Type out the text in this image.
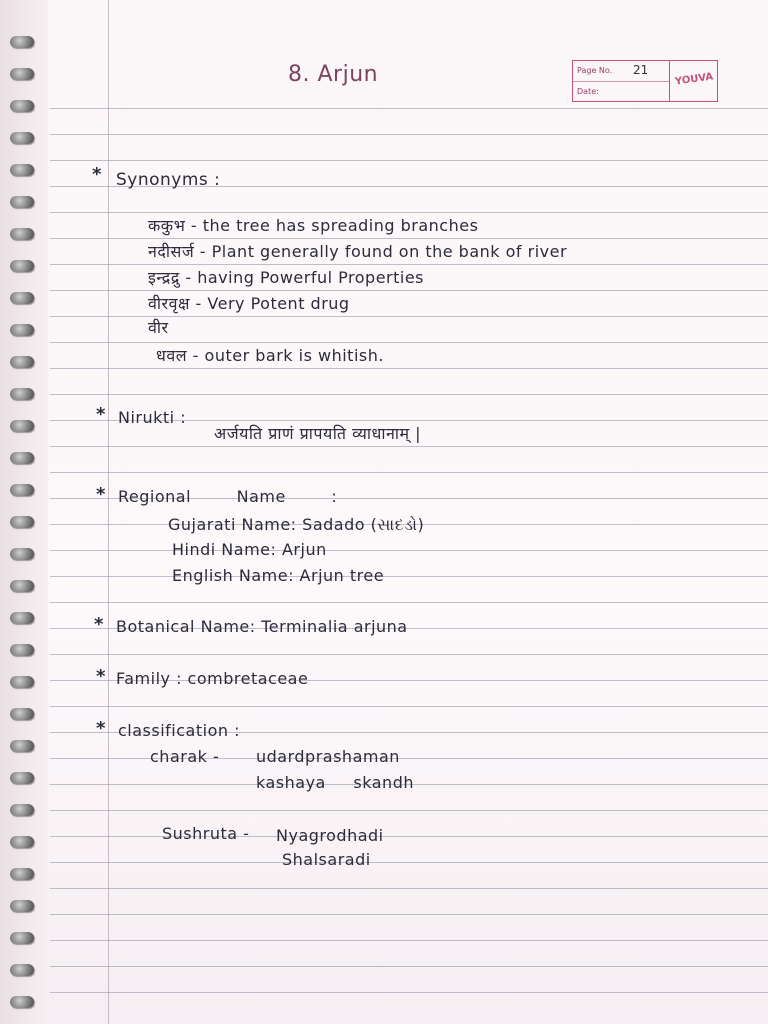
Page No. 21
Date:
YOUVA
8. Arjun
* Synonyms :
ककुभ - the tree has spreading branches
नदीसर्ज - Plant generally found on the bank of river
इन्द्रद्रु - having Powerful Properties
वीरवृक्ष - Very Potent drug
वीर
धवल - outer bark is whitish.
* Nirukti :
अर्जयति प्राणं प्रापयति व्याधानाम् |
* Regional Name :
Gujarati Name: Sadado (સાદડો)
Hindi Name: Arjun
English Name: Arjun tree
* Botanical Name: Terminalia arjuna
* Family : combretaceae
* classification :
charak - udardprashaman
kashaya skandh
Sushruta - Nyagrodhadi
Shalsaradi
